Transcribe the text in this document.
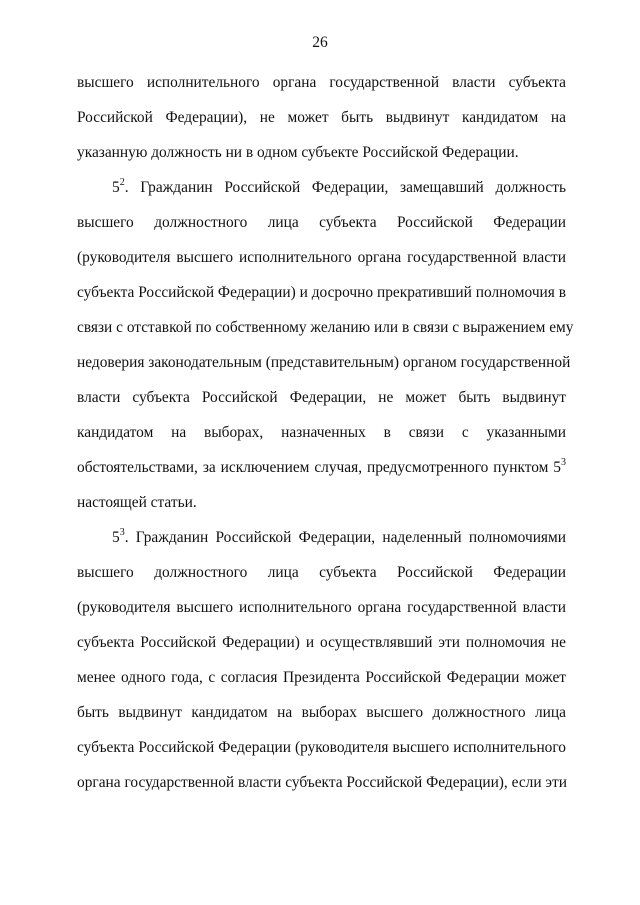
26
высшего исполнительного органа государственной власти субъекта
Российской Федерации), не может быть выдвинут кандидатом на
указанную должность ни в одном субъекте Российской Федерации.
$5^2$. Гражданин Российской Федерации, замещавший должность
высшего должностного лица субъекта Российской Федерации
(руководителя высшего исполнительного органа государственной власти
субъекта Российской Федерации) и досрочно прекративший полномочия в
связи с отставкой по собственному желанию или в связи с выражением ему
недоверия законодательным (представительным) органом государственной
власти субъекта Российской Федерации, не может быть выдвинут
кандидатом на выборах, назначенных в связи с указанными
обстоятельствами, за исключением случая, предусмотренного пунктом $5^3$
настоящей статьи.
$5^3$. Гражданин Российской Федерации, наделенный полномочиями
высшего должностного лица субъекта Российской Федерации
(руководителя высшего исполнительного органа государственной власти
субъекта Российской Федерации) и осуществлявший эти полномочия не
менее одного года, с согласия Президента Российской Федерации может
быть выдвинут кандидатом на выборах высшего должностного лица
субъекта Российской Федерации (руководителя высшего исполнительного
органа государственной власти субъекта Российской Федерации), если эти
